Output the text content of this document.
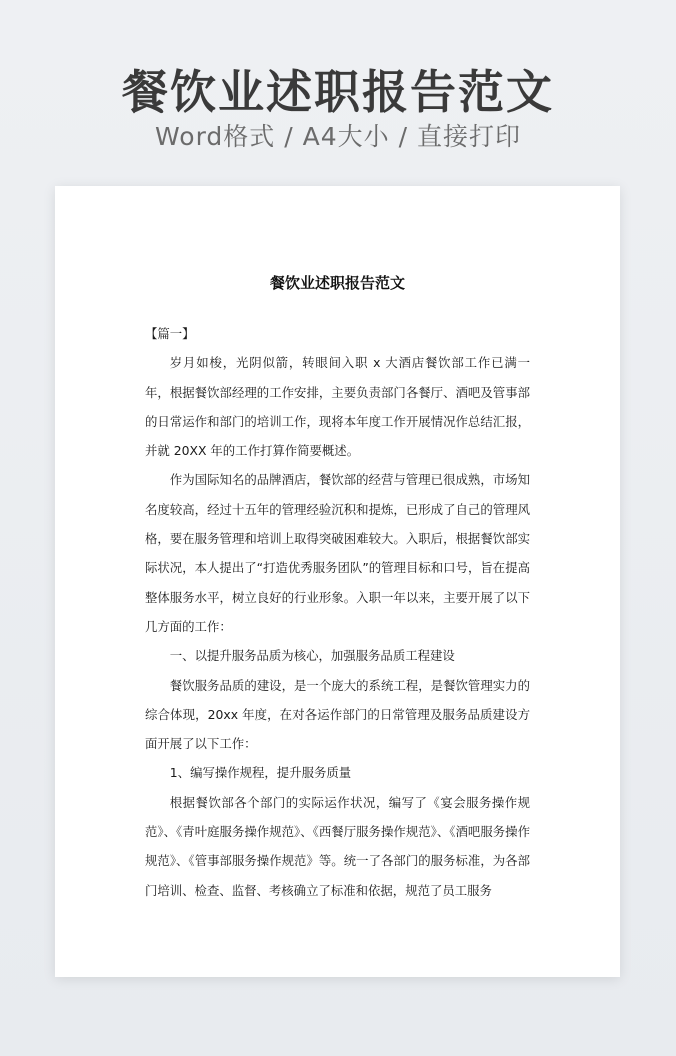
餐饮业述职报告范文
Word格式 / A4大小 / 直接打印
餐饮业述职报告范文

【篇一】

岁月如梭，光阴似箭，转眼间入职 x 大酒店餐饮部工作已满一年，根据餐饮部经理的工作安排，主要负责部门各餐厅、酒吧及管事部的日常运作和部门的培训工作，现将本年度工作开展情况作总结汇报，并就 20XX 年的工作打算作简要概述。

作为国际知名的品牌酒店，餐饮部的经营与管理已很成熟，市场知名度较高，经过十五年的管理经验沉积和提炼，已形成了自己的管理风格，要在服务管理和培训上取得突破困难较大。入职后，根据餐饮部实际状况，本人提出了“打造优秀服务团队”的管理目标和口号，旨在提高整体服务水平，树立良好的行业形象。入职一年以来，主要开展了以下几方面的工作：

一、以提升服务品质为核心，加强服务品质工程建设

餐饮服务品质的建设，是一个庞大的系统工程，是餐饮管理实力的综合体现，20xx 年度，在对各运作部门的日常管理及服务品质建设方面开展了以下工作：

1、编写操作规程，提升服务质量

根据餐饮部各个部门的实际运作状况，编写了《宴会服务操作规范》、《青叶庭服务操作规范》、《西餐厅服务操作规范》、《酒吧服务操作规范》、《管事部服务操作规范》等。统一了各部门的服务标准，为各部门培训、检查、监督、考核确立了标准和依据，规范了员工服务
